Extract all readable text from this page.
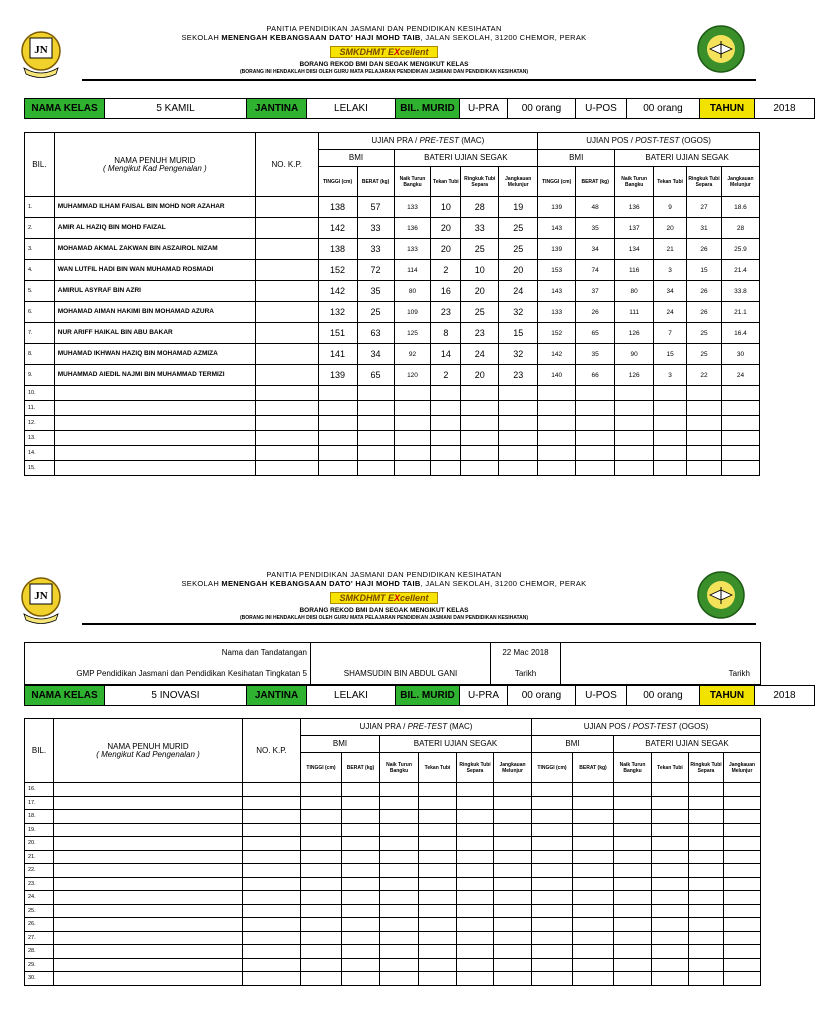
JN
PANITIA PENDIDIKAN JASMANI DAN PENDIDIKAN KESIHATAN
SEKOLAH MENENGAH KEBANGSAAN DATO' HAJI MOHD TAIB, JALAN SEKOLAH, 31200 CHEMOR, PERAK
SMKDHMT EXcellent
BORANG REKOD BMI DAN SEGAK MENGIKUT KELAS
(BORANG INI HENDAKLAH DIISI OLEH GURU MATA PELAJARAN PENDIDIKAN JASMANI DAN PENDIDIKAN KESIHATAN)
NAMA KELAS	5 KAMIL	JANTINA	LELAKI	BIL. MURID	U-PRA	00 orang	U-POS	00 orang	TAHUN	2018
BIL.	NAMA PENUH MURID
( Mengikut Kad Pengenalan )	NO. K.P.	UJIAN PRA / PRE-TEST (MAC)						UJIAN POS / POST-TEST (OGOS)					
			BMI		BATERI UJIAN SEGAK				BMI		BATERI UJIAN SEGAK			
			TINGGI (cm)	BERAT (kg)	Naik Turun Bangku	Tekan Tubi	Ringkuk Tubi Separa	Jangkauan Melunjur	TINGGI (cm)	BERAT (kg)	Naik Turun Bangku	Tekan Tubi	Ringkuk Tubi Separa	Jangkauan Melunjur
1.	MUHAMMAD ILHAM FAISAL BIN MOHD NOR AZAHAR		138	57	133	10	28	19	139	48	136	9	27	18.6
2.	AMIR AL HAZIQ BIN MOHD FAIZAL		142	33	136	20	33	25	143	35	137	20	31	28
3.	MOHAMAD AKMAL ZAKWAN BIN ASZAIROL NIZAM		138	33	133	20	25	25	139	34	134	21	26	25.9
4.	WAN LUTFIL HADI BIN WAN MUHAMAD ROSMADI		152	72	114	2	10	20	153	74	116	3	15	21.4
5.	AMIRUL ASYRAF BIN AZRI		142	35	80	16	20	24	143	37	80	34	26	33.8
6.	MOHAMAD AIMAN HAKIMI BIN MOHAMAD AZURA		132	25	109	23	25	32	133	26	111	24	26	21.1
7.	NUR ARIFF HAIKAL BIN ABU BAKAR		151	63	125	8	23	15	152	65	126	7	25	16.4
8.	MUHAMAD IKHWAN HAZIQ BIN MOHAMAD AZMIZA		141	34	92	14	24	32	142	35	90	15	25	30
9.	MUHAMMAD AIEDIL NAJMI BIN MUHAMMAD TERMIZI		139	65	120	2	20	23	140	66	126	3	22	24
10.														
11.														
12.														
13.														
14.														
15.														
JN
PANITIA PENDIDIKAN JASMANI DAN PENDIDIKAN KESIHATAN
SEKOLAH MENENGAH KEBANGSAAN DATO' HAJI MOHD TAIB, JALAN SEKOLAH, 31200 CHEMOR, PERAK
SMKDHMT EXcellent
BORANG REKOD BMI DAN SEGAK MENGIKUT KELAS
(BORANG INI HENDAKLAH DIISI OLEH GURU MATA PELAJARAN PENDIDIKAN JASMANI DAN PENDIDIKAN KESIHATAN)
Nama dan Tandatangan		22 Mac 2018	
GMP Pendidikan Jasmani dan Pendidikan Kesihatan Tingkatan 5	SHAMSUDIN BIN ABDUL GANI	Tarikh	Tarikh
NAMA KELAS	5 INOVASI	JANTINA	LELAKI	BIL. MURID	U-PRA	00 orang	U-POS	00 orang	TAHUN	2018
BIL.	NAMA PENUH MURID
( Mengikut Kad Pengenalan )	NO. K.P.	UJIAN PRA / PRE-TEST (MAC)						UJIAN POS / POST-TEST (OGOS)					
			BMI		BATERI UJIAN SEGAK				BMI		BATERI UJIAN SEGAK			
			TINGGI (cm)	BERAT (kg)	Naik Turun Bangku	Tekan Tubi	Ringkuk Tubi Separa	Jangkauan Melunjur	TINGGI (cm)	BERAT (kg)	Naik Turun Bangku	Tekan Tubi	Ringkuk Tubi Separa	Jangkauan Melunjur
16.														
17.														
18.														
19.														
20.														
21.														
22.														
23.														
24.														
25.														
26.														
27.														
28.														
29.														
30.														
